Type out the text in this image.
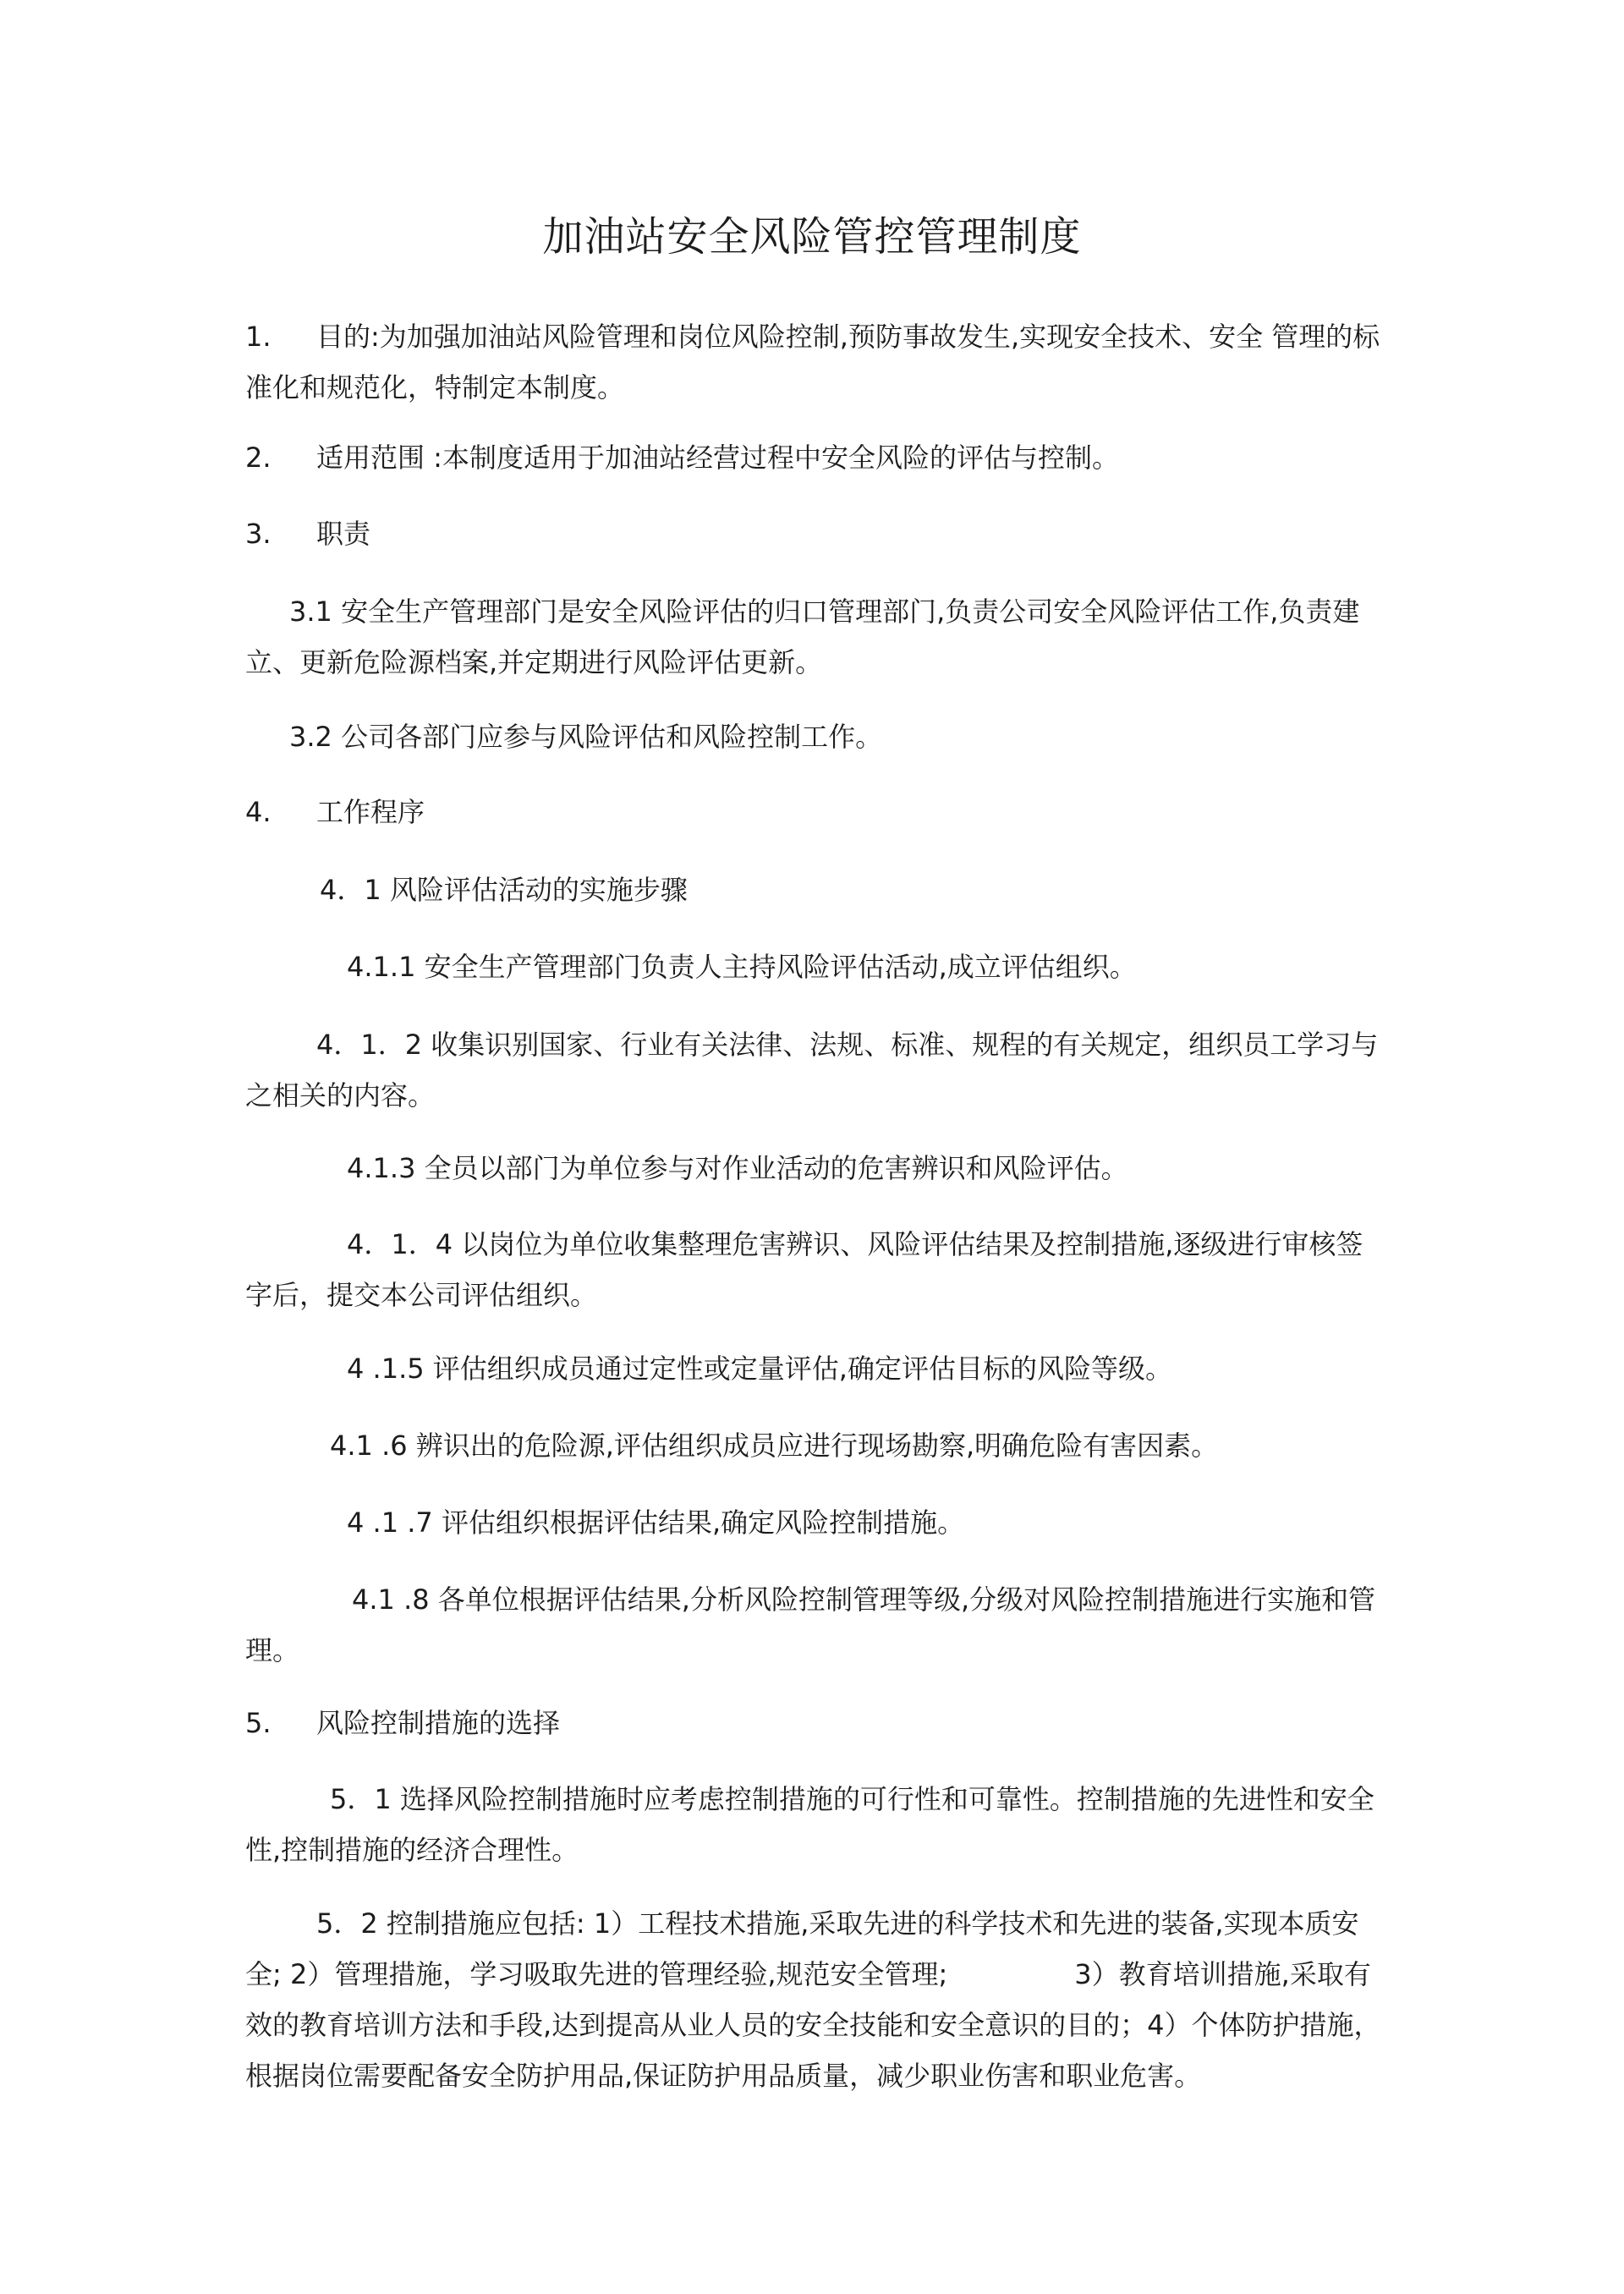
加油站安全风险管控管理制度
1. 目的:为加强加油站风险管理和岗位风险控制,预防事故发生,实现安全技术、安全 管理的标准化和规范化，特制定本制度。
2. 适用范围 :本制度适用于加油站经营过程中安全风险的评估与控制。
3. 职责
3.1 安全生产管理部门是安全风险评估的归口管理部门,负责公司安全风险评估工作,负责建立、更新危险源档案,并定期进行风险评估更新。
3.2 公司各部门应参与风险评估和风险控制工作。
4. 工作程序
4．1 风险评估活动的实施步骤
4.1.1 安全生产管理部门负责人主持风险评估活动,成立评估组织。
4．1．2 收集识别国家、行业有关法律、法规、标准、规程的有关规定，组织员工学习与之相关的内容。
4.1.3 全员以部门为单位参与对作业活动的危害辨识和风险评估。
4．1．4 以岗位为单位收集整理危害辨识、风险评估结果及控制措施,逐级进行审核签字后，提交本公司评估组织。
4 .1.5 评估组织成员通过定性或定量评估,确定评估目标的风险等级。
4.1 .6 辨识出的危险源,评估组织成员应进行现场勘察,明确危险有害因素。
4 .1 .7 评估组织根据评估结果,确定风险控制措施。
4.1 .8 各单位根据评估结果,分析风险控制管理等级,分级对风险控制措施进行实施和管理。
5. 风险控制措施的选择
5．1 选择风险控制措施时应考虑控制措施的可行性和可靠性。控制措施的先进性和安全性,控制措施的经济合理性。
5．2 控制措施应包括: 1）工程技术措施,采取先进的科学技术和先进的装备,实现本质安全; 2）管理措施，学习吸取先进的管理经验,规范安全管理;	3）教育培训措施,采取有效的教育培训方法和手段,达到提高从业人员的安全技能和安全意识的目的；4）个体防护措施，根据岗位需要配备安全防护用品,保证防护用品质量，减少职业伤害和职业危害。
